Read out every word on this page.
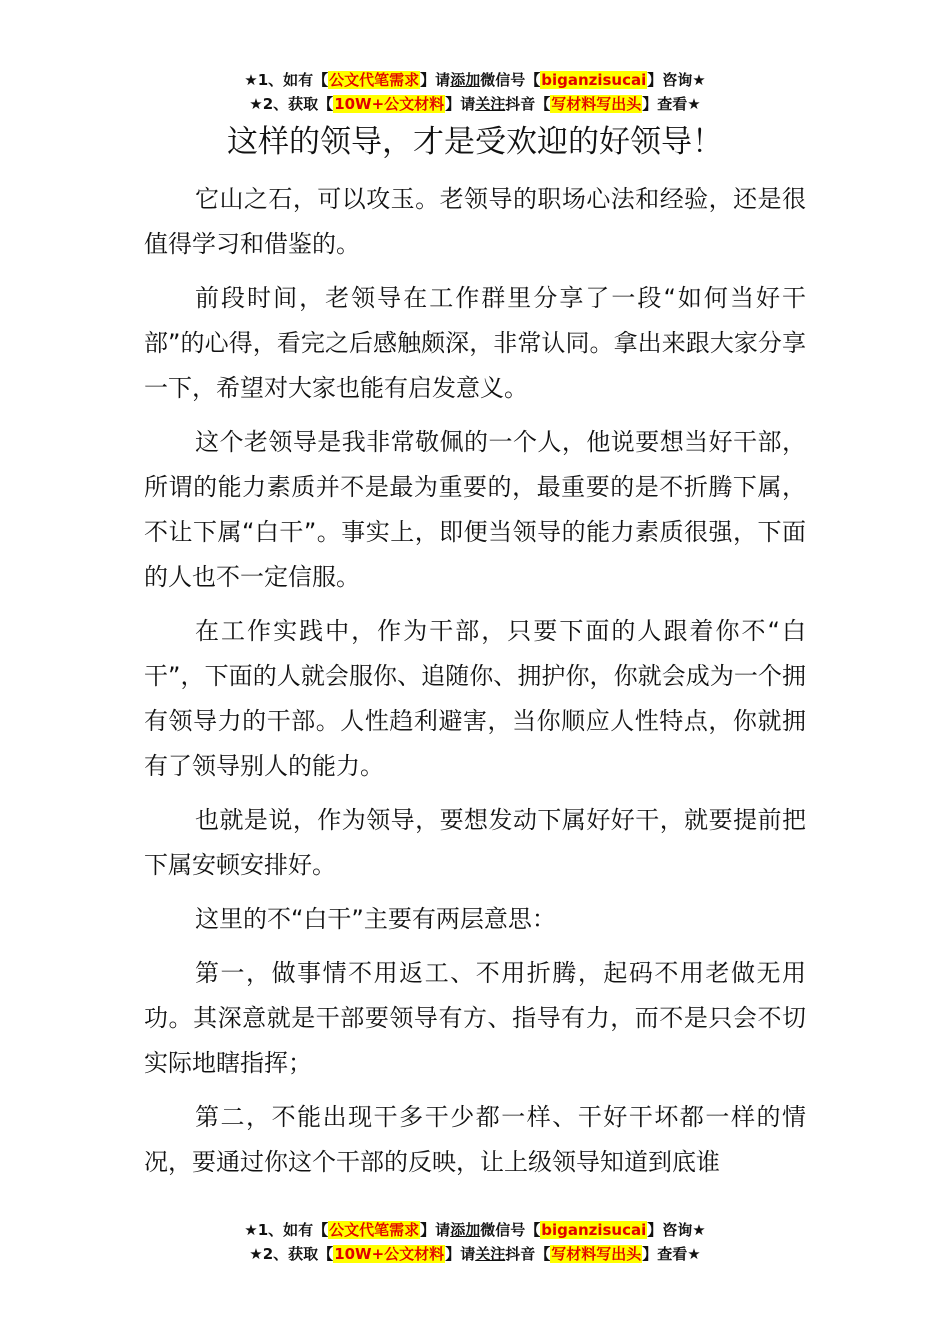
★1、如有【公文代笔需求】请添加微信号【biganzisucai】咨询★
★2、获取【10W+公文材料】请关注抖音【写材料写出头】查看★
这样的领导，才是受欢迎的好领导！

它山之石，可以攻玉。老领导的职场心法和经验，还是很值得学习和借鉴的。

前段时间，老领导在工作群里分享了一段“如何当好干部”的心得，看完之后感触颇深，非常认同。拿出来跟大家分享一下，希望对大家也能有启发意义。

这个老领导是我非常敬佩的一个人，他说要想当好干部，所谓的能力素质并不是最为重要的，最重要的是不折腾下属，不让下属“白干”。事实上，即便当领导的能力素质很强，下面的人也不一定信服。

在工作实践中，作为干部，只要下面的人跟着你不“白干”，下面的人就会服你、追随你、拥护你，你就会成为一个拥有领导力的干部。人性趋利避害，当你顺应人性特点，你就拥有了领导别人的能力。

也就是说，作为领导，要想发动下属好好干，就要提前把下属安顿安排好。

这里的不“白干”主要有两层意思：

第一，做事情不用返工、不用折腾，起码不用老做无用功。其深意就是干部要领导有方、指导有力，而不是只会不切实际地瞎指挥；

第二，不能出现干多干少都一样、干好干坏都一样的情况，要通过你这个干部的反映，让上级领导知道到底谁

★1、如有【公文代笔需求】请添加微信号【biganzisucai】咨询★
★2、获取【10W+公文材料】请关注抖音【写材料写出头】查看★
